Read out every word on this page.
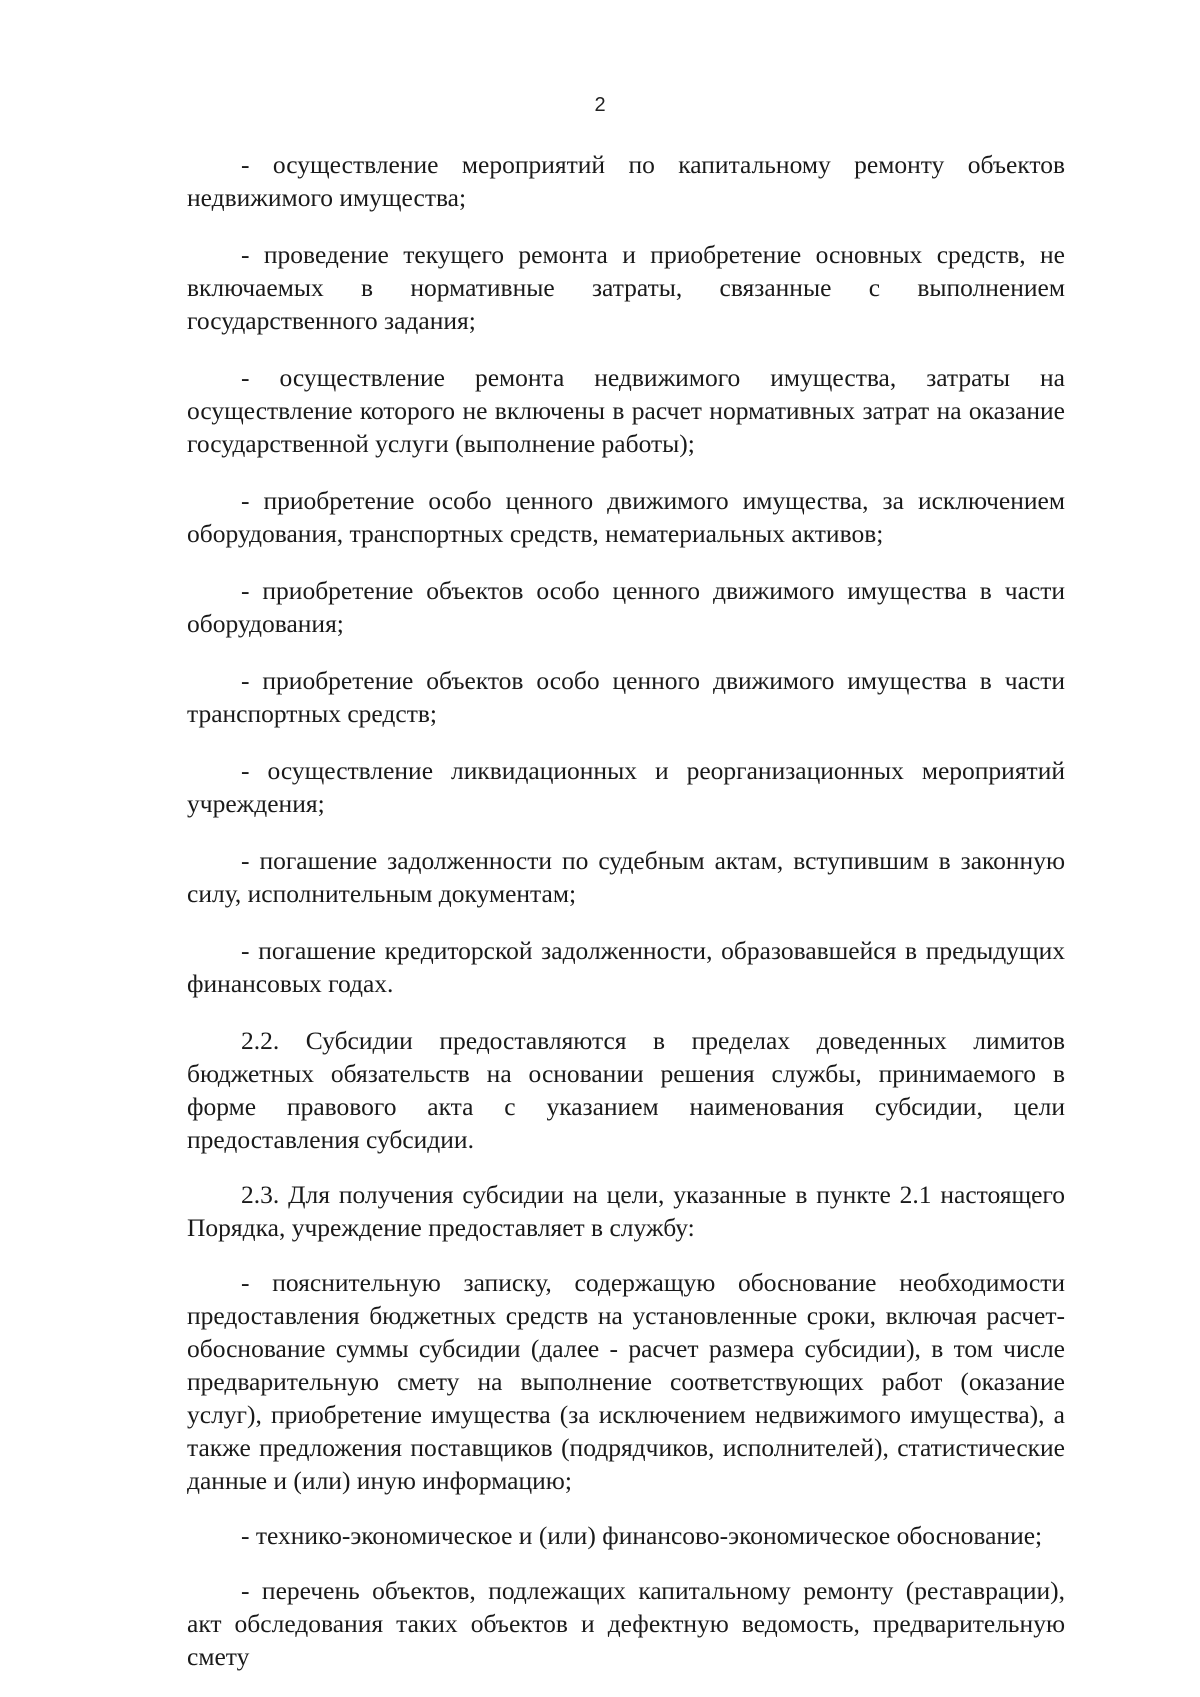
2

- осуществление мероприятий по капитальному ремонту объектов недвижимого имущества;

- проведение текущего ремонта и приобретение основных средств, не включаемых в нормативные затраты, связанные с выполнением государственного задания;

- осуществление ремонта недвижимого имущества, затраты на осуществление которого не включены в расчет нормативных затрат на оказание государственной услуги (выполнение работы);

- приобретение особо ценного движимого имущества, за исключением оборудования, транспортных средств, нематериальных активов;

- приобретение объектов особо ценного движимого имущества в части оборудования;

- приобретение объектов особо ценного движимого имущества в части транспортных средств;

- осуществление ликвидационных и реорганизационных мероприятий учреждения;

- погашение задолженности по судебным актам, вступившим в законную силу, исполнительным документам;

- погашение кредиторской задолженности, образовавшейся в предыдущих финансовых годах.

2.2. Субсидии предоставляются в пределах доведенных лимитов бюджетных обязательств на основании решения службы, принимаемого в форме правового акта с указанием наименования субсидии, цели предоставления субсидии.

2.3. Для получения субсидии на цели, указанные в пункте 2.1 настоящего Порядка, учреждение предоставляет в службу:

- пояснительную записку, содержащую обоснование необходимости предоставления бюджетных средств на установленные сроки, включая расчет-обоснование суммы субсидии (далее - расчет размера субсидии), в том числе предварительную смету на выполнение соответствующих работ (оказание услуг), приобретение имущества (за исключением недвижимого имущества), а также предложения поставщиков (подрядчиков, исполнителей), статистические данные и (или) иную информацию;

- технико-экономическое и (или) финансово-экономическое обоснование;

- перечень объектов, подлежащих капитальному ремонту (реставрации), акт обследования таких объектов и дефектную ведомость, предварительную смету
